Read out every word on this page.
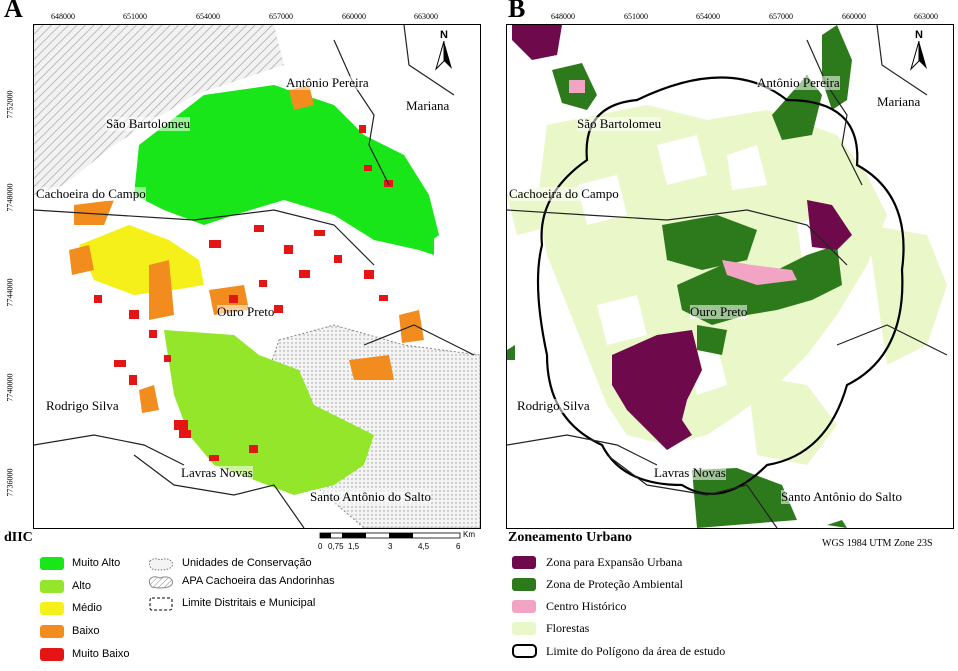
A	648000	651000	654000	657000	660000	663000
7752000
7748000
7744000
7740000
7736000
Antônio Pereira
Mariana
São Bartolomeu
Cachoeira do Campo
Ouro Preto
Rodrigo Silva
Lavras Novas
Santo Antônio do Salto
N
dIIC
Muito Alto
Alto
Médio
Baixo
Muito Baixo
Unidades de Conservação
APA Cachoeira das Andorinhas
Limite Distritais e Municipal
Km
0 0,75 1,5	3	4,5	6
B	648000	651000	654000	657000	660000	663000
Antônio Pereira
Mariana
São Bartolomeu
Cachoeira do Campo
Ouro Preto
Rodrigo Silva
Lavras Novas
Santo Antônio do Salto
N
Zoneamento Urbano	WGS 1984 UTM Zone 23S
Zona para Expansão Urbana
Zona de Proteção Ambiental
Centro Histórico
Florestas
Limite do Polígono da área de estudo
